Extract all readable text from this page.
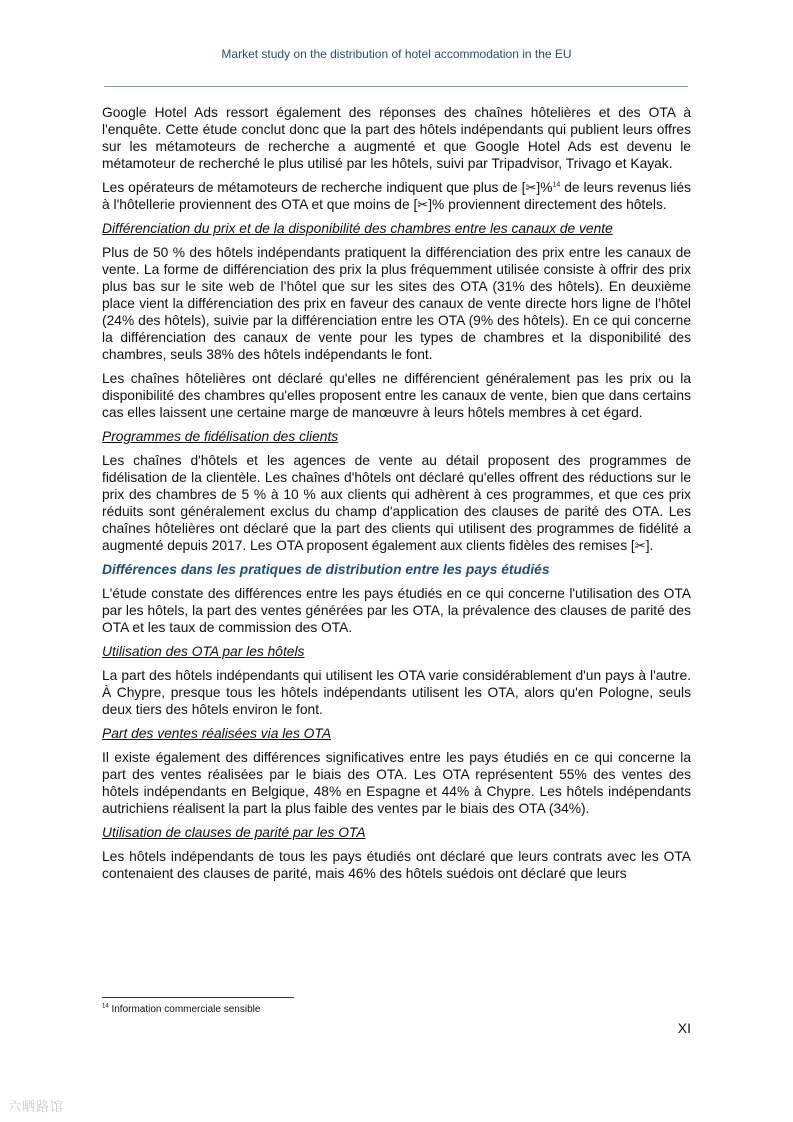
Market study on the distribution of hotel accommodation in the EU

Google Hotel Ads ressort également des réponses des chaînes hôtelières et des OTA à l'enquête. Cette étude conclut donc que la part des hôtels indépendants qui publient leurs offres sur les métamoteurs de recherche a augmenté et que Google Hotel Ads est devenu le métamoteur de recherché le plus utilisé par les hôtels, suivi par Tripadvisor, Trivago et Kayak.

Les opérateurs de métamoteurs de recherche indiquent que plus de [✂]%$^{14}$ de leurs revenus liés à l'hôtellerie proviennent des OTA et que moins de [✂]% proviennent directement des hôtels.

Différenciation du prix et de la disponibilité des chambres entre les canaux de vente

Plus de 50 % des hôtels indépendants pratiquent la différenciation des prix entre les canaux de vente. La forme de différenciation des prix la plus fréquemment utilisée consiste à offrir des prix plus bas sur le site web de l’hôtel que sur les sites des OTA (31% des hôtels). En deuxième place vient la différenciation des prix en faveur des canaux de vente directe hors ligne de l’hôtel (24% des hôtels), suivie par la différenciation entre les OTA (9% des hôtels). En ce qui concerne la différenciation des canaux de vente pour les types de chambres et la disponibilité des chambres, seuls 38% des hôtels indépendants le font.

Les chaînes hôtelières ont déclaré qu'elles ne différencient généralement pas les prix ou la disponibilité des chambres qu'elles proposent entre les canaux de vente, bien que dans certains cas elles laissent une certaine marge de manœuvre à leurs hôtels membres à cet égard.

Programmes de fidélisation des clients

Les chaînes d'hôtels et les agences de vente au détail proposent des programmes de fidélisation de la clientèle. Les chaînes d'hôtels ont déclaré qu'elles offrent des réductions sur le prix des chambres de 5 % à 10 % aux clients qui adhèrent à ces programmes, et que ces prix réduits sont généralement exclus du champ d'application des clauses de parité des OTA. Les chaînes hôtelières ont déclaré que la part des clients qui utilisent des programmes de fidélité a augmenté depuis 2017. Les OTA proposent également aux clients fidèles des remises [✂].

Différences dans les pratiques de distribution entre les pays étudiés

L'étude constate des différences entre les pays étudiés en ce qui concerne l'utilisation des OTA par les hôtels, la part des ventes générées par les OTA, la prévalence des clauses de parité des OTA et les taux de commission des OTA.

Utilisation des OTA par les hôtels

La part des hôtels indépendants qui utilisent les OTA varie considérablement d'un pays à l'autre. À Chypre, presque tous les hôtels indépendants utilisent les OTA, alors qu'en Pologne, seuls deux tiers des hôtels environ le font.

Part des ventes réalisées via les OTA

Il existe également des différences significatives entre les pays étudiés en ce qui concerne la part des ventes réalisées par le biais des OTA. Les OTA représentent 55% des ventes des hôtels indépendants en Belgique, 48% en Espagne et 44% à Chypre. Les hôtels indépendants autrichiens réalisent la part la plus faible des ventes par le biais des OTA (34%).

Utilisation de clauses de parité par les OTA

Les hôtels indépendants de tous les pays étudiés ont déclaré que leurs contrats avec les OTA contenaient des clauses de parité, mais 46% des hôtels suédois ont déclaré que leurs

$^{14}$ Information commerciale sensible
XI
六晒路馆
